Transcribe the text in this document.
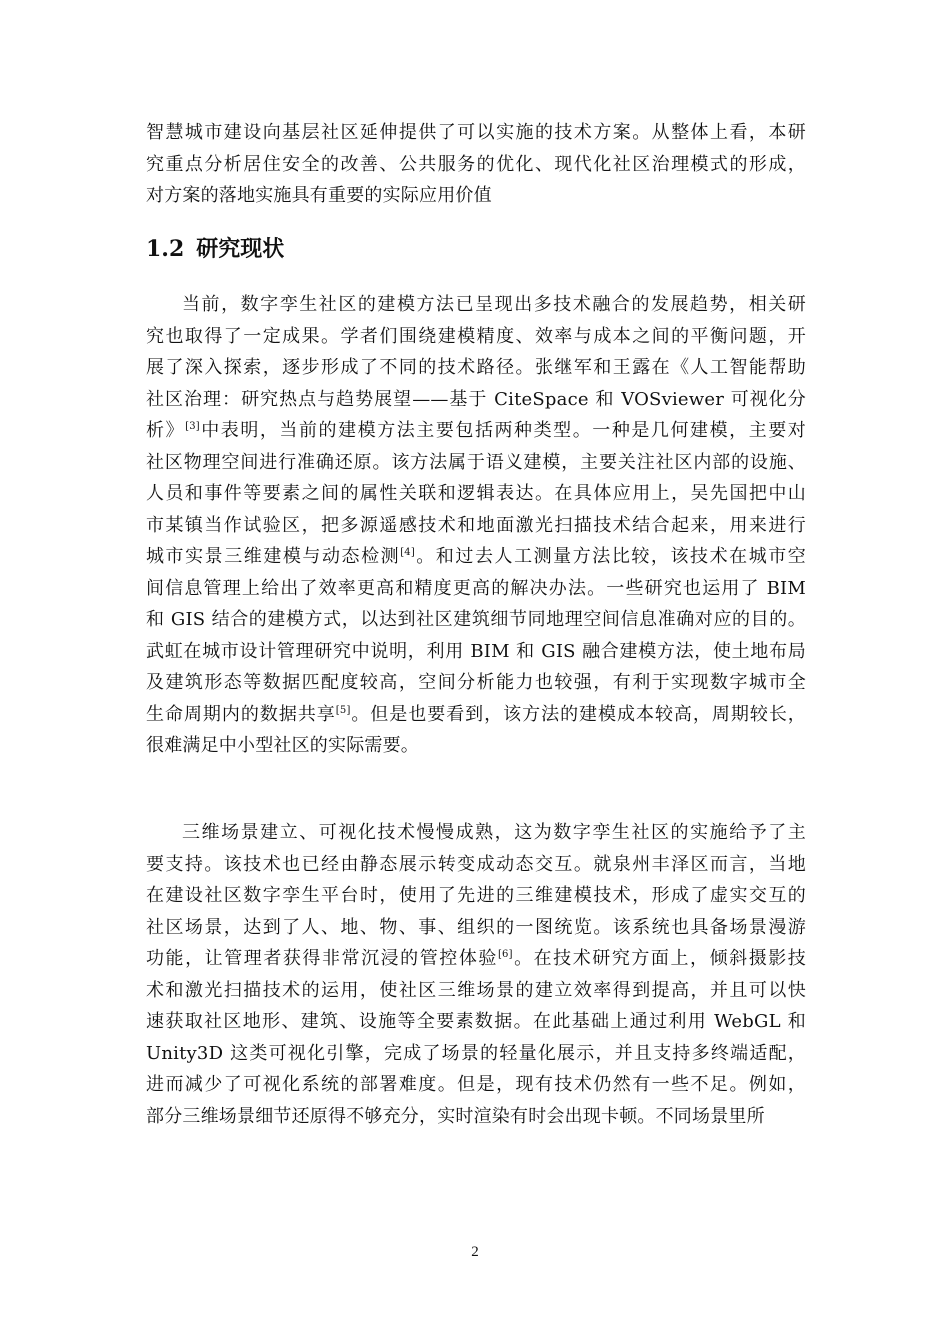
智慧城市建设向基层社区延伸提供了可以实施的技术方案。从整体上看，本研
究重点分析居住安全的改善、公共服务的优化、现代化社区治理模式的形成，
对方案的落地实施具有重要的实际应用价值
1.2 研究现状
当前，数字孪生社区的建模方法已呈现出多技术融合的发展趋势，相关研
究也取得了一定成果。学者们围绕建模精度、效率与成本之间的平衡问题，开
展了深入探索，逐步形成了不同的技术路径。张继军和王露在《人工智能帮助
社区治理：研究热点与趋势展望——基于 CiteSpace 和 VOSviewer 可视化分
析》[3]中表明，当前的建模方法主要包括两种类型。一种是几何建模，主要对
社区物理空间进行准确还原。该方法属于语义建模，主要关注社区内部的设施、
人员和事件等要素之间的属性关联和逻辑表达。在具体应用上，吴先国把中山
市某镇当作试验区，把多源遥感技术和地面激光扫描技术结合起来，用来进行
城市实景三维建模与动态检测[4]。和过去人工测量方法比较，该技术在城市空
间信息管理上给出了效率更高和精度更高的解决办法。一些研究也运用了 BIM
和 GIS 结合的建模方式，以达到社区建筑细节同地理空间信息准确对应的目的。
武虹在城市设计管理研究中说明，利用 BIM 和 GIS 融合建模方法，使土地布局
及建筑形态等数据匹配度较高，空间分析能力也较强，有利于实现数字城市全
生命周期内的数据共享[5]。但是也要看到，该方法的建模成本较高，周期较长，
很难满足中小型社区的实际需要。
三维场景建立、可视化技术慢慢成熟，这为数字孪生社区的实施给予了主
要支持。该技术也已经由静态展示转变成动态交互。就泉州丰泽区而言，当地
在建设社区数字孪生平台时，使用了先进的三维建模技术，形成了虚实交互的
社区场景，达到了人、地、物、事、组织的一图统览。该系统也具备场景漫游
功能，让管理者获得非常沉浸的管控体验[6]。在技术研究方面上，倾斜摄影技
术和激光扫描技术的运用，使社区三维场景的建立效率得到提高，并且可以快
速获取社区地形、建筑、设施等全要素数据。在此基础上通过利用 WebGL 和
Unity3D 这类可视化引擎，完成了场景的轻量化展示，并且支持多终端适配，
进而减少了可视化系统的部署难度。但是，现有技术仍然有一些不足。例如，
部分三维场景细节还原得不够充分，实时渲染有时会出现卡顿。不同场景里所
2
